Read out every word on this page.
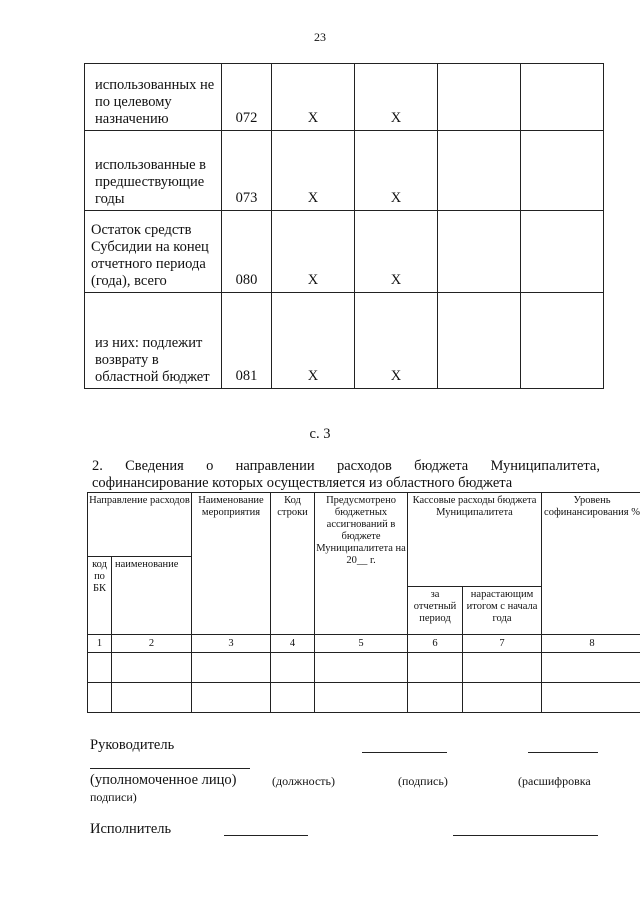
23
использованных не по целевому назначению	072	X	X		
использованные в предшествующие годы	073	X	X		
Остаток средств Субсидии на конец отчетного периода (года), всего	080	X	X		
из них: подлежит возврату в областной бюджет	081	X	X		
с. 3
2. Сведения о направлении расходов бюджета Муниципалитета,
софинансирование которых осуществляется из областного бюджета
Направление расходов		Наименование мероприятия	Код строки	Предусмотрено бюджетных ассигнований в бюджете Муниципалитета на 20__ г.	Кассовые расходы бюджета Муниципалитета		Уровень софинансирования %
код по БК	наименование						
					за отчетный период	нарастающим итогом с начала года	
1	2	3	4	5	6	7	8

Руководитель
(уполномоченное лицо)	(должность)	(подпись)	(расшифровка
подписи)
Исполнитель
